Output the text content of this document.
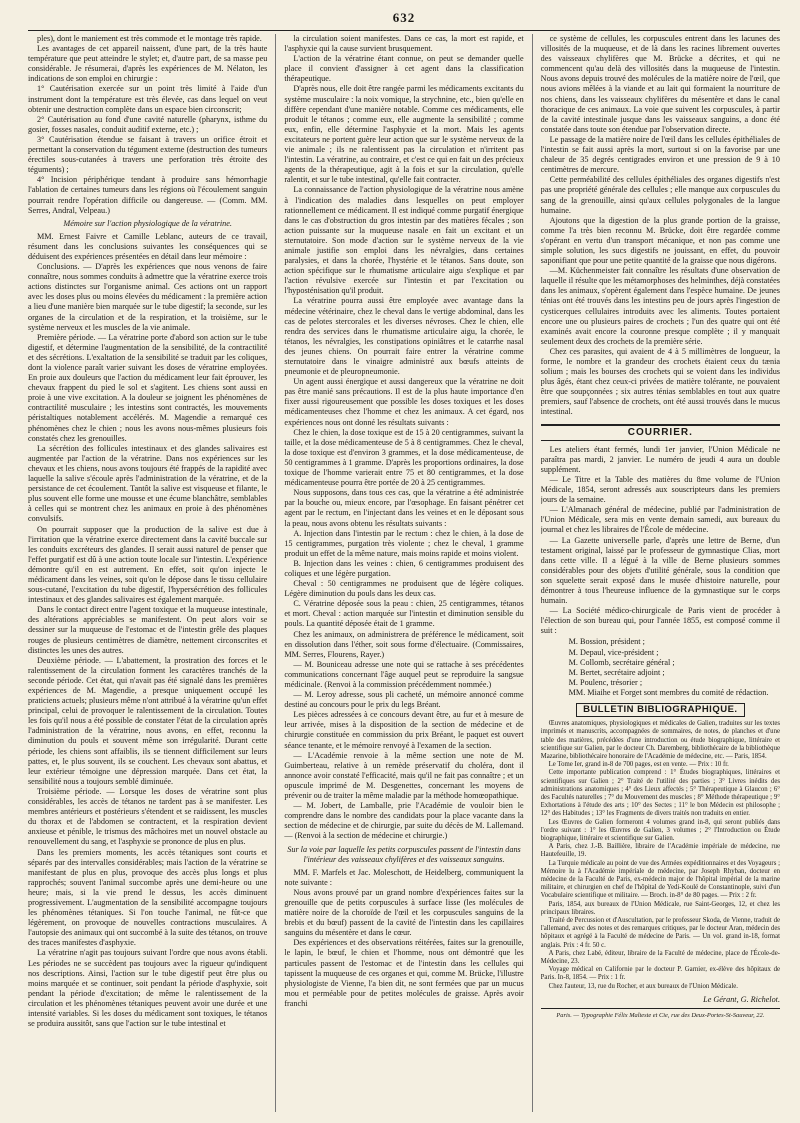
632

ples), dont le maniement est très commode et le montage très rapide.

Les avantages de cet appareil naissent, d'une part, de la très haute température que peut atteindre le stylet; et, d'autre part, de sa masse peu considérable. Je résumerai, d'après les expériences de M. Nélaton, les indications de son emploi en chirurgie :

1° Cautérisation exercée sur un point très limité à l'aide d'un instrument dont la température est très élevée, cas dans lequel on veut obtenir une destruction complète dans un espace bien circonscrit;

2° Cautérisation au fond d'une cavité naturelle (pharynx, isthme du gosier, fosses nasales, conduit auditif externe, etc.) ;

3° Cautérisation étendue se faisant à travers un orifice étroit et permettant la conservation du tégument externe (destruction des tumeurs érectiles sous-cutanées à travers une perforation très étroite des téguments) ;

4° Incision périphérique tendant à produire sans hémorrhagie l'ablation de certaines tumeurs dans les régions où l'écoulement sanguin pourrait rendre l'opération difficile ou dangereuse. — (Comm. MM. Serres, Andral, Velpeau.)

Mémoire sur l'action physiologique de la vératrine.

MM. Ernest Faivre et Camille Leblanc, auteurs de ce travail, résument dans les conclusions suivantes les conséquences qui se déduisent des expériences présentées en détail dans leur mémoire :

Conclusions. — D'après les expériences que nous venons de faire connaître, nous sommes conduits à admettre que la vératrine exerce trois actions distinctes sur l'organisme animal. Ces actions ont un rapport avec les doses plus ou moins élevées du médicament : la première action a lieu d'une manière bien marquée sur le tube digestif; la seconde, sur les organes de la circulation et de la respiration, et la troisième, sur le système nerveux et les muscles de la vie animale.

Première période. — La vératrine porte d'abord son action sur le tube digestif, et détermine l'augmentation de la sensibilité, de la contractilité et des sécrétions. L'exaltation de la sensibilité se traduit par les coliques, dont la violence paraît varier suivant les doses de vératrine employées. En proie aux douleurs que l'action du médicament leur fait éprouver, les chevaux frappent du pied le sol et s'agitent. Les chiens sont aussi en proie à une vive excitation. A la douleur se joignent les phénomènes de contractilité musculaire ; les intestins sont contractés, les mouvements péristaltiques notablement accélérés. M. Magendie a remarqué ces phénomènes chez le chien ; nous les avons nous-mêmes plusieurs fois constatés chez les grenouilles.

La sécrétion des follicules intestinaux et des glandes salivaires est augmentée par l'action de la vératrine. Dans nos expériences sur les chevaux et les chiens, nous avons toujours été frappés de la rapidité avec laquelle la salive s'écoule après l'administration de la vératrine, et de la persistance de cet écoulement. Tantôt la salive est visqueuse et filante, le plus souvent elle forme une mousse et une écume blanchâtre, semblables à celles qui se montrent chez les animaux en proie à des phénomènes convulsifs.

On pourrait supposer que la production de la salive est due à l'irritation que la vératrine exerce directement dans la cavité buccale sur les conduits excréteurs des glandes. Il serait aussi naturel de penser que l'effet purgatif est dû à une action toute locale sur l'intestin. L'expérience démontre qu'il en est autrement. En effet, soit qu'on injecte le médicament dans les veines, soit qu'on le dépose dans le tissu cellulaire sous-cutané, l'excitation du tube digestif, l'hypersécrétion des follicules intestinaux et des glandes salivaires est également marquée.

Dans le contact direct entre l'agent toxique et la muqueuse intestinale, des altérations appréciables se manifestent. On peut alors voir se dessiner sur la muqueuse de l'estomac et de l'intestin grêle des plaques rouges de plusieurs centimètres de diamètre, nettement circonscrites et distinctes les unes des autres.

Deuxième période. — L'abattement, la prostration des forces et le ralentissement de la circulation forment les caractères tranchés de la seconde période. Cet état, qui n'avait pas été signalé dans les premières expériences de M. Magendie, a presque uniquement occupé les praticiens actuels; plusieurs même n'ont attribué à la vératrine qu'un effet principal, celui de provoquer le ralentissement de la circulation. Toutes les fois qu'il nous a été possible de constater l'état de la circulation après l'administration de la vératrine, nous avons, en effet, reconnu la diminution du pouls et souvent même son irrégularité. Durant cette période, les chiens sont affaiblis, ils se tiennent difficilement sur leurs pattes, et, le plus souvent, ils se couchent. Les chevaux sont abattus, et leur extérieur témoigne une dépression marquée. Dans cet état, la sensibilité nous a toujours semblé diminuée.

Troisième période. — Lorsque les doses de vératrine sont plus considérables, les accès de tétanos ne tardent pas à se manifester. Les membres antérieurs et postérieurs s'étendent et se raidissent, les muscles du thorax et de l'abdomen se contractent, et la respiration devient anxieuse et pénible, le trismus des mâchoires met un nouvel obstacle au renouvellement du sang, et l'asphyxie se prononce de plus en plus.

Dans les premiers moments, les accès tétaniques sont courts et séparés par des intervalles considérables; mais l'action de la vératrine se manifestant de plus en plus, provoque des accès plus longs et plus rapprochés; souvent l'animal succombe après une demi-heure ou une heure; mais, si la vie prend le dessus, les accès diminuent progressivement. L'augmentation de la sensibilité accompagne toujours les phénomènes tétaniques. Si l'on touche l'animal, ne fût-ce que légèrement, on provoque de nouvelles contractions musculaires. A l'autopsie des animaux qui ont succombé à la suite des tétanos, on trouve des traces manifestes d'asphyxie.

La vératrine n'agit pas toujours suivant l'ordre que nous avons établi. Les périodes ne se succèdent pas toujours avec la rigueur qu'indiquent nos descriptions. Ainsi, l'action sur le tube digestif peut être plus ou moins marquée et se continuer, soit pendant la période d'asphyxie, soit pendant la période d'excitation; de même le ralentissement de la circulation et les phénomènes tétaniques peuvent avoir une durée et une intensité variables. Si les doses du médicament sont toxiques, le tétanos se produira aussitôt, sans que l'action sur le tube intestinal et

la circulation soient manifestes. Dans ce cas, la mort est rapide, et l'asphyxie qui la cause survient brusquement.

L'action de la vératrine étant connue, on peut se demander quelle place il convient d'assigner à cet agent dans la classification thérapeutique.

D'après nous, elle doit être rangée parmi les médicaments excitants du système musculaire : la noix vomique, la strychnine, etc., bien qu'elle en diffère cependant d'une manière notable. Comme ces médicaments, elle produit le tétanos ; comme eux, elle augmente la sensibilité ; comme eux, enfin, elle détermine l'asphyxie et la mort. Mais les agents excitateurs ne portent guère leur action que sur le système nerveux de la vie animale ; ils ne ralentissent pas la circulation et n'irritent pas l'intestin. La vératrine, au contraire, et c'est ce qui en fait un des précieux agents de la thérapeutique, agit à la fois et sur la circulation, qu'elle ralentit, et sur le tube intestinal, qu'elle fait contracter.

La connaissance de l'action physiologique de la vératrine nous amène à l'indication des maladies dans lesquelles on peut employer rationnellement ce médicament. Il est indiqué comme purgatif énergique dans le cas d'obstruction du gros intestin par des matières fécales ; son action puissante sur la muqueuse nasale en fait un excitant et un sternutatoire. Son mode d'action sur le système nerveux de la vie animale justifie son emploi dans les névralgies, dans certaines paralysies, et dans la chorée, l'hystérie et le tétanos. Sans doute, son action spécifique sur le rhumatisme articulaire aigu s'explique et par l'action révulsive exercée sur l'intestin et par l'excitation ou l'hyposténisation qu'il produit.

La vératrine pourra aussi être employée avec avantage dans la médecine vétérinaire, chez le cheval dans le vertige abdominal, dans les cas de pelotes stercorales et les diverses névroses. Chez le chien, elle rendra des services dans le rhumatisme articulaire aigu, la chorée, le tétanos, les névralgies, les constipations opiniâtres et le catarrhe nasal des jeunes chiens. On pourrait faire entrer la vératrine comme sternutatoire dans le vinaigre administré aux bœufs atteints de pneumonie et de pleuropneumonie.

Un agent aussi énergique et aussi dangereux que la vératrine ne doit pas être manié sans précautions. Il est de la plus haute importance d'en fixer aussi rigoureusement que possible les doses toxiques et les doses médicamenteuses chez l'homme et chez les animaux. A cet égard, nos expériences nous ont donné les résultats suivants :

Chez le chien, la dose toxique est de 15 à 20 centigrammes, suivant la taille, et la dose médicamenteuse de 5 à 8 centigrammes. Chez le cheval, la dose toxique est d'environ 3 grammes, et la dose médicamenteuse, de 50 centigrammes à 1 gramme. D'après les proportions ordinaires, la dose toxique de l'homme varierait entre 75 et 80 centigrammes, et la dose médicamenteuse pourra être portée de 20 à 25 centigrammes.

Nous supposons, dans tous ces cas, que la vératrine a été administrée par la bouche ou, mieux encore, par l'œsophage. En faisant pénétrer cet agent par le rectum, en l'injectant dans les veines et en le déposant sous la peau, nous avons obtenu les résultats suivants :

A. Injection dans l'intestin par le rectum : chez le chien, à la dose de 15 centigrammes, purgation très violente ; chez le cheval, 1 gramme produit un effet de la même nature, mais moins rapide et moins violent.

B. Injection dans les veines : chien, 6 centigrammes produisent des coliques et une légère purgation.

Cheval : 50 centigrammes ne produisent que de légère coliques. Légère diminution du pouls dans les deux cas.

C. Vératrine déposée sous la peau : chien, 25 centigrammes, tétanos et mort. Cheval : action marquée sur l'intestin et diminution sensible du pouls. La quantité déposée était de 1 gramme.

Chez les animaux, on administrera de préférence le médicament, soit en dissolution dans l'éther, soit sous forme d'électuaire. (Commissaires, MM. Serres, Flourens, Rayer.)

— M. Bouniceau adresse une note qui se rattache à ses précédentes communications concernant l'âge auquel peut se reproduire la sangsue médicinale. (Renvoi à la commission précédemment nommée.)

— M. Leroy adresse, sous pli cacheté, un mémoire annoncé comme destiné au concours pour le prix du legs Bréant.

Les pièces adressées à ce concours devant être, au fur et à mesure de leur arrivée, mises à la disposition de la section de médecine et de chirurgie constituée en commission du prix Bréant, le paquet est ouvert séance tenante, et le mémoire renvoyé à l'examen de la section.

— L'Académie renvoie à la même section une note de M. Guimberteau, relative à un remède préservatif du choléra, dont il annonce avoir constaté l'efficacité, mais qu'il ne fait pas connaître ; et un opuscule imprimé de M. Desgenettes, concernant les moyens de prévenir ou de traiter la même maladie par la méthode homœopathique.

— M. Jobert, de Lamballe, prie l'Académie de vouloir bien le comprendre dans le nombre des candidats pour la place vacante dans la section de médecine et de chirurgie, par suite du décès de M. Lallemand. — (Renvoi à la section de médecine et chirurgie.)

Sur la voie par laquelle les petits corpuscules passent de l'intestin dans l'intérieur des vaisseaux chylifères et des vaisseaux sanguins.

MM. F. Marfels et Jac. Moleschott, de Heidelberg, communiquent la note suivante :

Nous avons prouvé par un grand nombre d'expériences faites sur la grenouille que de petits corpuscules à surface lisse (les molécules de matière noire de la choroïde de l'œil et les corpuscules sanguins de la brebis et du bœuf) passent de la cavité de l'intestin dans les capillaires sanguins du mésentère et dans le cœur.

Des expériences et des observations réitérées, faites sur la grenouille, le lapin, le bœuf, le chien et l'homme, nous ont démontré que les particules passent de l'estomac et de l'intestin dans les cellules qui tapissent la muqueuse de ces organes et qui, comme M. Brücke, l'illustre physiologiste de Vienne, l'a bien dit, ne sont fermées que par un mucus mou et perméable pour de petites molécules de graisse. Après avoir franchi

ce système de cellules, les corpuscules entrent dans les lacunes des villosités de la muqueuse, et de là dans les racines librement ouvertes des vaisseaux chylifères que M. Brücke a décrites, et qui ne commencent qu'au delà des villosités dans la muqueuse de l'intestin. Nous avons depuis trouvé des molécules de la matière noire de l'œil, que nous avions mêlées à la viande et au lait qui formaient la nourriture de nos chiens, dans les vaisseaux chylifères du mésentère et dans le canal thoracique de ces animaux. La voie que suivent les corpuscules, à partir de la cavité intestinale jusque dans les vaisseaux sanguins, a donc été constatée dans toute son étendue par l'observation directe.

Le passage de la matière noire de l'œil dans les cellules épithéliales de l'intestin se fait aussi après la mort, surtout si on la favorise par une chaleur de 35 degrés centigrades environ et une pression de 9 à 10 centimètres de mercure.

Cette perméabilité des cellules épithéliales des organes digestifs n'est pas une propriété générale des cellules ; elle manque aux corpuscules du sang de la grenouille, ainsi qu'aux cellules polygonales de la langue humaine.

Ajoutons que la digestion de la plus grande portion de la graisse, comme l'a très bien reconnu M. Brücke, doit être regardée comme s'opérant en vertu d'un transport mécanique, et non pas comme une simple solution, les sucs digestifs ne jouissant, en effet, du pouvoir saponifiant que pour une petite quantité de la graisse que nous digérons.

—M. Küchenmeister fait connaître les résultats d'une observation de laquelle il résulte que les métamorphoses des helminthes, déjà constatées dans les animaux, s'opèrent également dans l'espèce humaine. De jeunes ténias ont été trouvés dans les intestins peu de jours après l'ingestion de cysticerques cellulaires introduits avec les aliments. Toutes portaient encore une ou plusieurs paires de crochets ; l'un des quatre qui ont été examinés avait encore la couronne presque complète ; il y manquait seulement deux des crochets de la première série.

Chez ces parasites, qui avaient de 4 à 5 millimètres de longueur, la forme, le nombre et la grandeur des crochets étaient ceux du tænia solium ; mais les bourses des crochets qui se voient dans les individus plus âgés, étant chez ceux-ci privées de matière tolérante, ne pouvaient être que soupçonnées ; six autres ténias semblables en tout aux quatre premiers, sauf l'absence de crochets, ont été aussi trouvés dans le mucus intestinal.

COURRIER.

Les ateliers étant fermés, lundi 1er janvier, l'Union Médicale ne paraîtra pas mardi, 2 janvier. Le numéro de jeudi 4 aura un double supplément.

— Le Titre et la Table des matières du 8me volume de l'Union Médicale, 1854, seront adressés aux souscripteurs dans les premiers jours de la semaine.

— L'Almanach général de médecine, publié par l'administration de l'Union Médicale, sera mis en vente demain samedi, aux bureaux du journal et chez les libraires de l'École de médecine.

— La Gazette universelle parle, d'après une lettre de Berne, d'un testament original, laissé par le professeur de gymnastique Clias, mort dans cette ville. Il a légué à la ville de Berne plusieurs sommes considérables pour des objets d'utilité générale, sous la condition que son squelette serait exposé dans le musée d'histoire naturelle, pour démontrer à tous l'heureuse influence de la gymnastique sur le corps humain.

— La Société médico-chirurgicale de Paris vient de procéder à l'élection de son bureau qui, pour l'année 1855, est composé comme il suit :

M. Bossion, président ;
M. Depaul, vice-président ;
M. Collomb, secrétaire général ;
M. Bertet, secrétaire adjoint ;
M. Poulenc, trésorier ;
MM. Miaihe et Forget sont membres du comité de rédaction.
BULLETIN BIBLIOGRAPHIQUE.

Œuvres anatomiques, physiologiques et médicales de Galien, traduites sur les textes imprimés et manuscrits, accompagnées de sommaires, de notes, de planches et d'une table des matières, précédées d'une introduction ou étude biographique, littéraire et scientifique sur Galien, par le docteur Ch. Daremberg, bibliothécaire de la bibliothèque Mazarine, bibliothécaire honoraire de l'Académie de médecine, etc. — Paris, 1854.

Le Tome Ier, grand in-8 de 700 pages, est en vente. — Prix : 10 fr.

Cette importante publication comprend : 1° Études biographiques, littéraires et scientifiques sur Galien ; 2° Traité de l'utilité des parties ; 3° Livres inédits des administrations anatomiques ; 4° des Lieux affectés ; 5° Thérapeutique à Glaucon ; 6° des Facultés naturelles ; 7° du Mouvement des muscles ; 8° Méthode thérapeutique ; 9° Exhortations à l'étude des arts ; 10° des Sectes ; 11° le bon Médecin est philosophe ; 12° des Habitudes ; 13° les Fragments de divers traités non traduits en entier.

Les Œuvres de Galien formeront 4 volumes grand in-8, qui seront publiés dans l'ordre suivant : 1° les Œuvres de Galien, 3 volumes ; 2° l'Introduction ou Étude biographique, littéraire et scientifique sur Galien.

A Paris, chez J.-B. Baillière, libraire de l'Académie impériale de médecine, rue Hautefeuille, 19.

La Turquie médicale au point de vue des Armées expéditionnaires et des Voyageurs ; Mémoire lu à l'Académie impériale de médecine, par Joseph Rhyban, docteur en médecine de la Faculté de Paris, ex-médecin major de l'hôpital impérial de la marine militaire, et chirurgien en chef de l'hôpital de Yedi-Koulé de Constantinople, suivi d'un Vocabulaire scientifique et militaire. — Broch. in-8° de 80 pages. — Prix : 2 fr.

Paris, 1854, aux bureaux de l'Union Médicale, rue Saint-Georges, 12, et chez les principaux libraires.

Traité de Percussion et d'Auscultation, par le professeur Skoda, de Vienne, traduit de l'allemand, avec des notes et des remarques critiques, par le docteur Aran, médecin des hôpitaux et agrégé à la Faculté de médecine de Paris. — Un vol. grand in-18, format anglais. Prix : 4 fr. 50 c.

A Paris, chez Labé, éditeur, libraire de la Faculté de médecine, place de l'École-de-Médecine, 23.

Voyage médical en Californie par le docteur P. Garnier, ex-élève des hôpitaux de Paris. In-8, 1854. — Prix : 1 fr.

Chez l'auteur, 13, rue du Rocher, et aux bureaux de l'Union Médicale.

Le Gérant, G. Richelot.
Paris. — Typographie Félix Malteste et Cie, rue des Deux-Portes-St-Sauveur, 22.
